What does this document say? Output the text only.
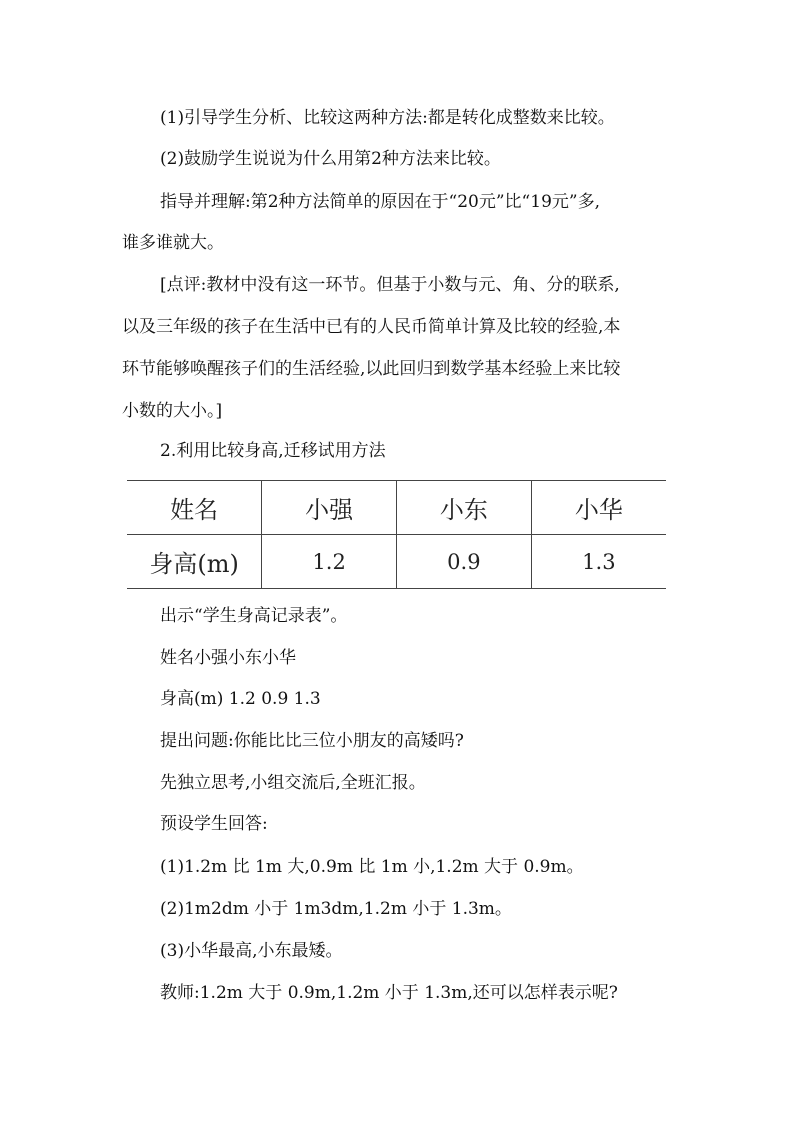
(1)引导学生分析、比较这两种方法:都是转化成整数来比较。
(2)鼓励学生说说为什么用第2种方法来比较。
指导并理解:第2种方法简单的原因在于“20元”比“19元”多,
谁多谁就大。
[点评:教材中没有这一环节。但基于小数与元、角、分的联系,
以及三年级的孩子在生活中已有的人民币简单计算及比较的经验,本
环节能够唤醒孩子们的生活经验,以此回归到数学基本经验上来比较
小数的大小。]
2.利用比较身高,迁移试用方法
姓名	小强	小东	小华
身高(m)	1.2	0.9	1.3
出示“学生身高记录表”。
姓名小强小东小华
身高(m) 1.2 0.9 1.3
提出问题:你能比比三位小朋友的高矮吗?
先独立思考,小组交流后,全班汇报。
预设学生回答:
(1)1.2m 比 1m 大,0.9m 比 1m 小,1.2m 大于 0.9m。
(2)1m2dm 小于 1m3dm,1.2m 小于 1.3m。
(3)小华最高,小东最矮。
教师:1.2m 大于 0.9m,1.2m 小于 1.3m,还可以怎样表示呢?
